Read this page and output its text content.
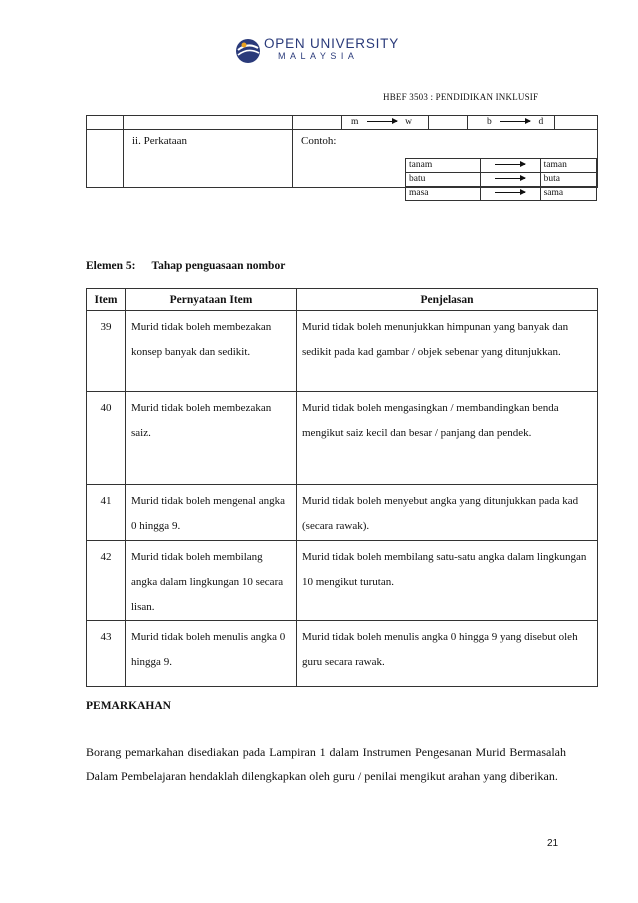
OPEN UNIVERSITY
MALAYSIA
HBEF 3503 : PENDIDIKAN INKLUSIF

m	w		b	d

	ii. Perkataan	Contoh:
tanam		taman
batu		buta
masa		sama
Elemen 5: Tahap penguasaan nombor
Item	Pernyataan Item	Penjelasan
39	Murid tidak boleh membezakan konsep banyak dan sedikit.	Murid tidak boleh menunjukkan himpunan yang banyak dan sedikit pada kad gambar / objek sebenar yang ditunjukkan.
40	Murid tidak boleh membezakan saiz.	Murid tidak boleh mengasingkan / membandingkan benda mengikut saiz kecil dan besar / panjang dan pendek.
41	Murid tidak boleh mengenal angka 0 hingga 9.	Murid tidak boleh menyebut angka yang ditunjukkan pada kad (secara rawak).
42	Murid tidak boleh membilang angka dalam lingkungan 10 secara lisan.	Murid tidak boleh membilang satu-satu angka dalam lingkungan 10 mengikut turutan.
43	Murid tidak boleh menulis angka 0 hingga 9.	Murid tidak boleh menulis angka 0 hingga 9 yang disebut oleh guru secara rawak.
PEMARKAHAN
Borang pemarkahan disediakan pada Lampiran 1 dalam Instrumen Pengesanan Murid Bermasalah Dalam Pembelajaran hendaklah dilengkapkan oleh guru / penilai mengikut arahan yang diberikan.
21
